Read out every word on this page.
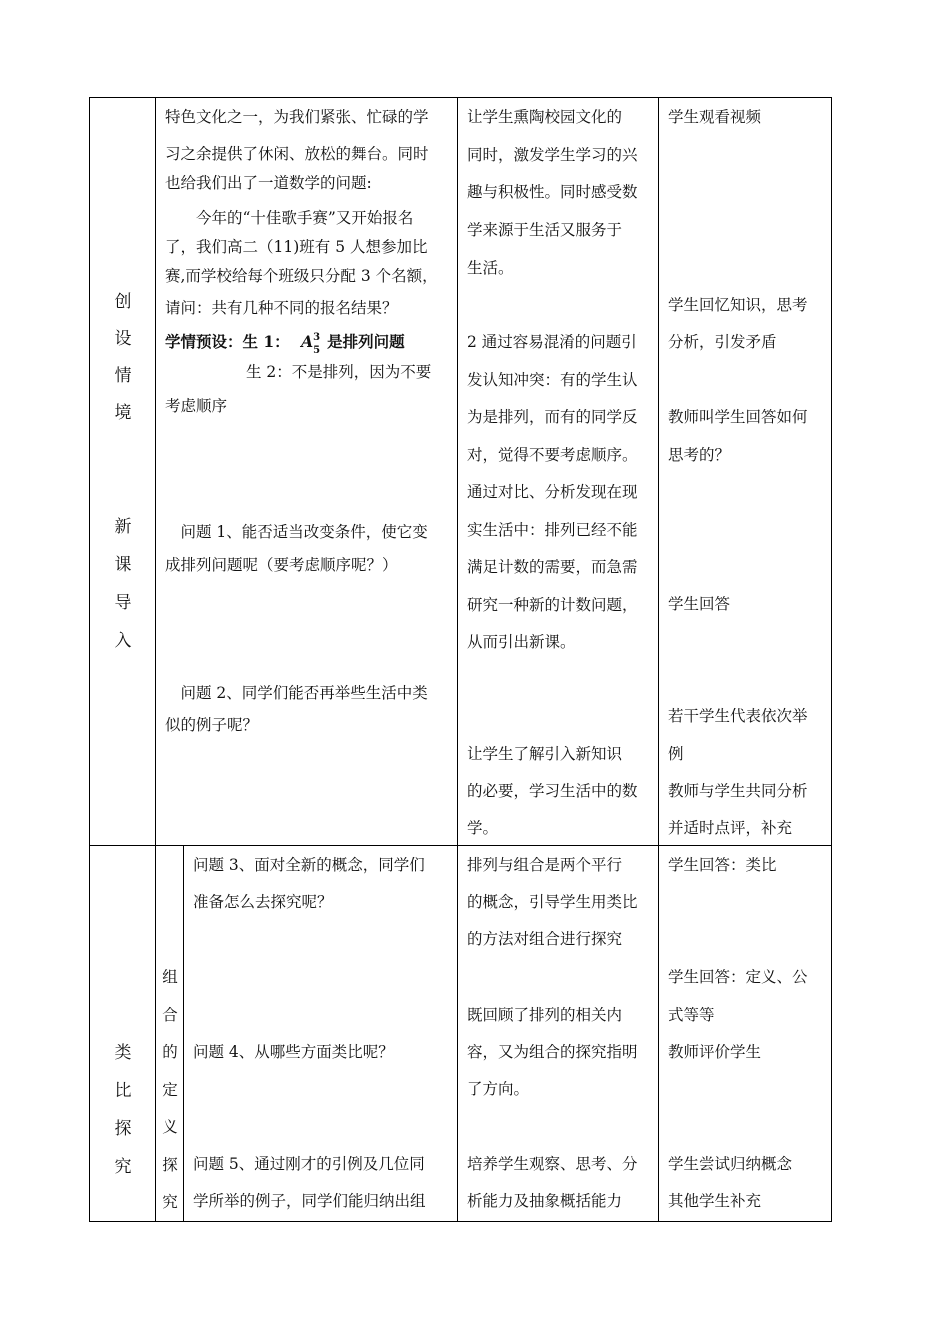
创
设
情
境
新
课
导
入
特色文化之一，为我们紧张、忙碌的学
习之余提供了休闲、放松的舞台。同时
也给我们出了一道数学的问题:
　　今年的“十佳歌手赛”又开始报名
了，我们高二（11)班有 5 人想参加比
赛,而学校给每个班级只分配 3 个名额，
请问：共有几种不同的报名结果？
学情预设：生 1： $A^3_5$ 是排列问题
生 2：不是排列，因为不要
考虑顺序
　问题 1、能否适当改变条件，使它变
成排列问题呢（要考虑顺序呢？）
　问题 2、同学们能否再举些生活中类
似的例子呢？
让学生熏陶校园文化的
同时，激发学生学习的兴
趣与积极性。同时感受数
学来源于生活又服务于
生活。
2 通过容易混淆的问题引
发认知冲突：有的学生认
为是排列，而有的同学反
对，觉得不要考虑顺序。
通过对比、分析发现在现
实生活中：排列已经不能
满足计数的需要，而急需
研究一种新的计数问题，
从而引出新课。
让学生了解引入新知识
的必要，学习生活中的数
学。
学生观看视频
学生回忆知识，思考
分析，引发矛盾
教师叫学生回答如何
思考的？
学生回答
若干学生代表依次举
例
教师与学生共同分析
并适时点评，补充
类
比
探
究
组
合
的
定
义
探
究
问题 3、面对全新的概念，同学们
准备怎么去探究呢？
问题 4、从哪些方面类比呢？
问题 5、通过刚才的引例及几位同
学所举的例子，同学们能归纳出组
排列与组合是两个平行
的概念，引导学生用类比
的方法对组合进行探究
既回顾了排列的相关内
容，又为组合的探究指明
了方向。
培养学生观察、思考、分
析能力及抽象概括能力
学生回答：类比
学生回答：定义、公
式等等
教师评价学生
学生尝试归纳概念
其他学生补充
